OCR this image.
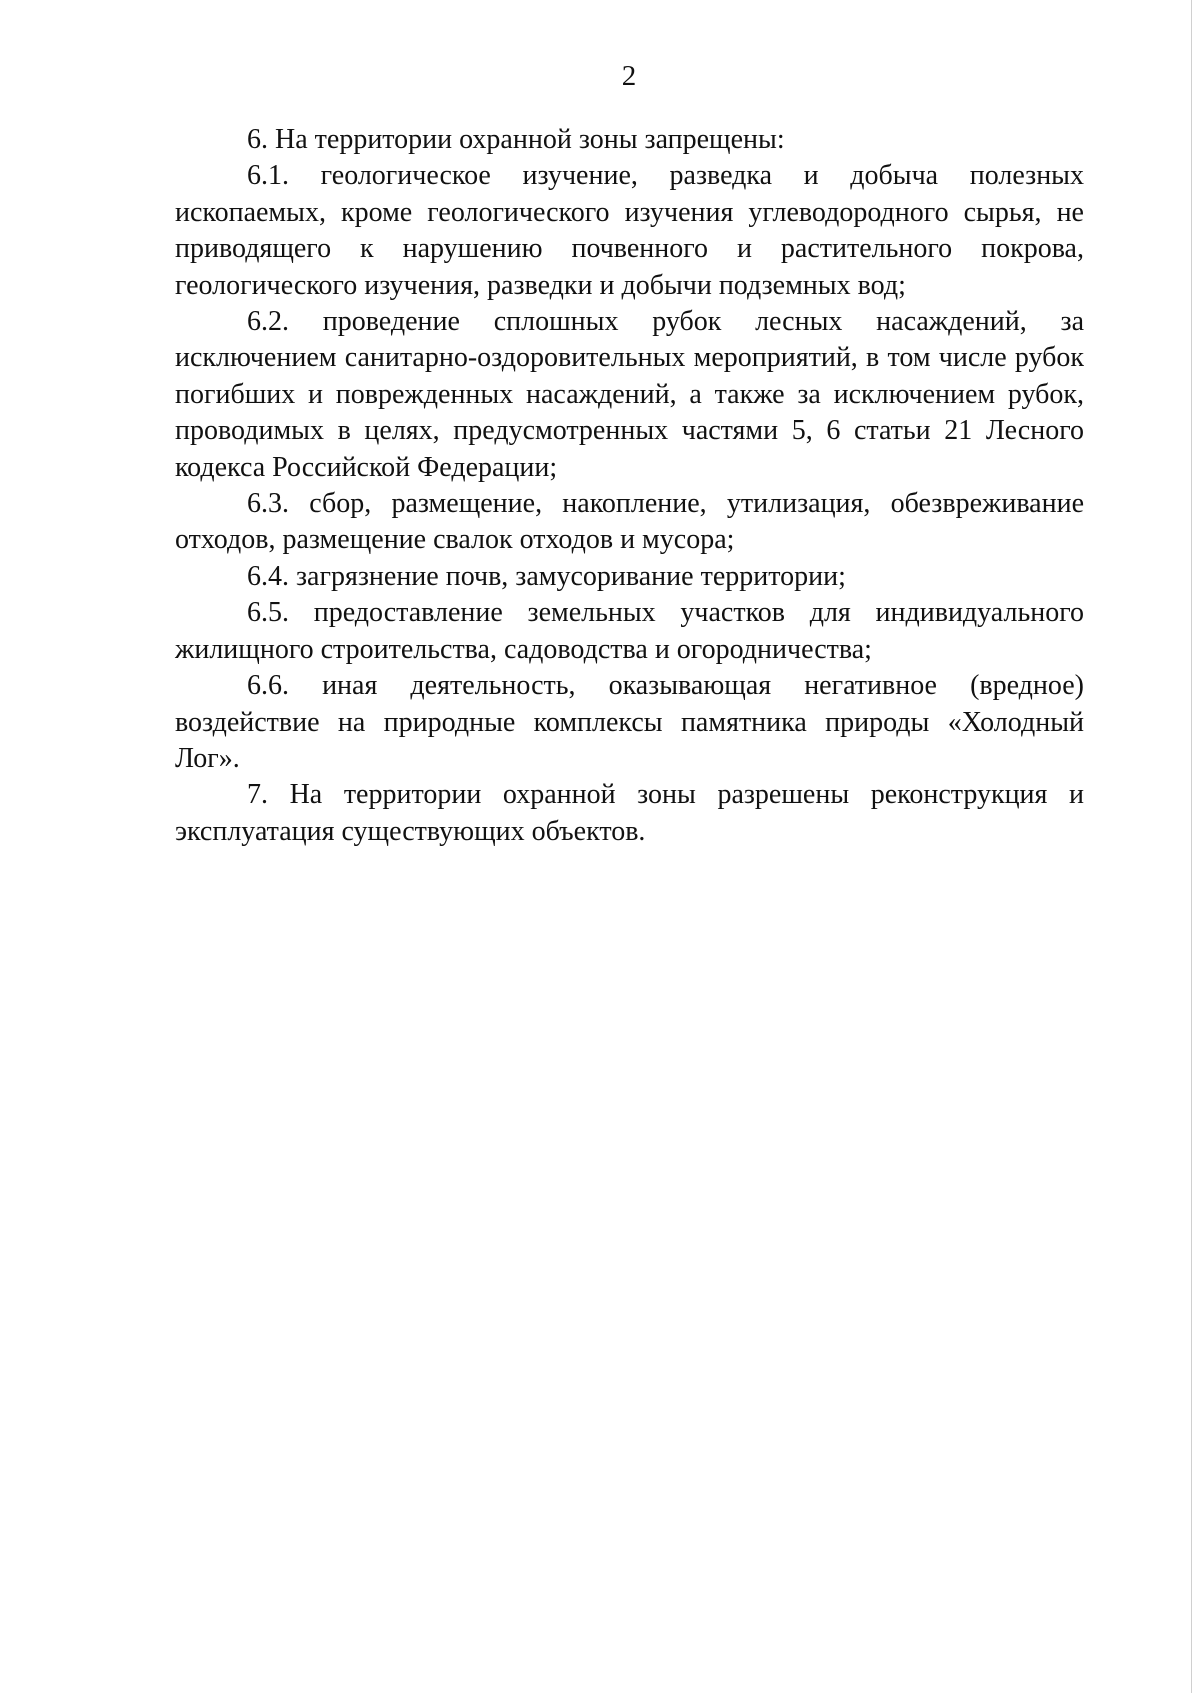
2

6. На территории охранной зоны запрещены:

6.1. геологическое изучение, разведка и добыча полезных ископаемых, кроме геологического изучения углеводородного сырья, не приводящего к нарушению почвенного и растительного покрова, геологического изучения, разведки и добычи подземных вод;

6.2. проведение сплошных рубок лесных насаждений, за исключением санитарно-оздоровительных мероприятий, в том числе рубок погибших и поврежденных насаждений, а также за исключением рубок, проводимых в целях, предусмотренных частями 5, 6 статьи 21 Лесного кодекса Российской Федерации;

6.3. сбор, размещение, накопление, утилизация, обезвреживание отходов, размещение свалок отходов и мусора;

6.4. загрязнение почв, замусоривание территории;

6.5. предоставление земельных участков для индивидуального жилищного строительства, садоводства и огородничества;

6.6. иная деятельность, оказывающая негативное (вредное) воздействие на природные комплексы памятника природы «Холодный Лог».

7. На территории охранной зоны разрешены реконструкция и эксплуатация существующих объектов.
